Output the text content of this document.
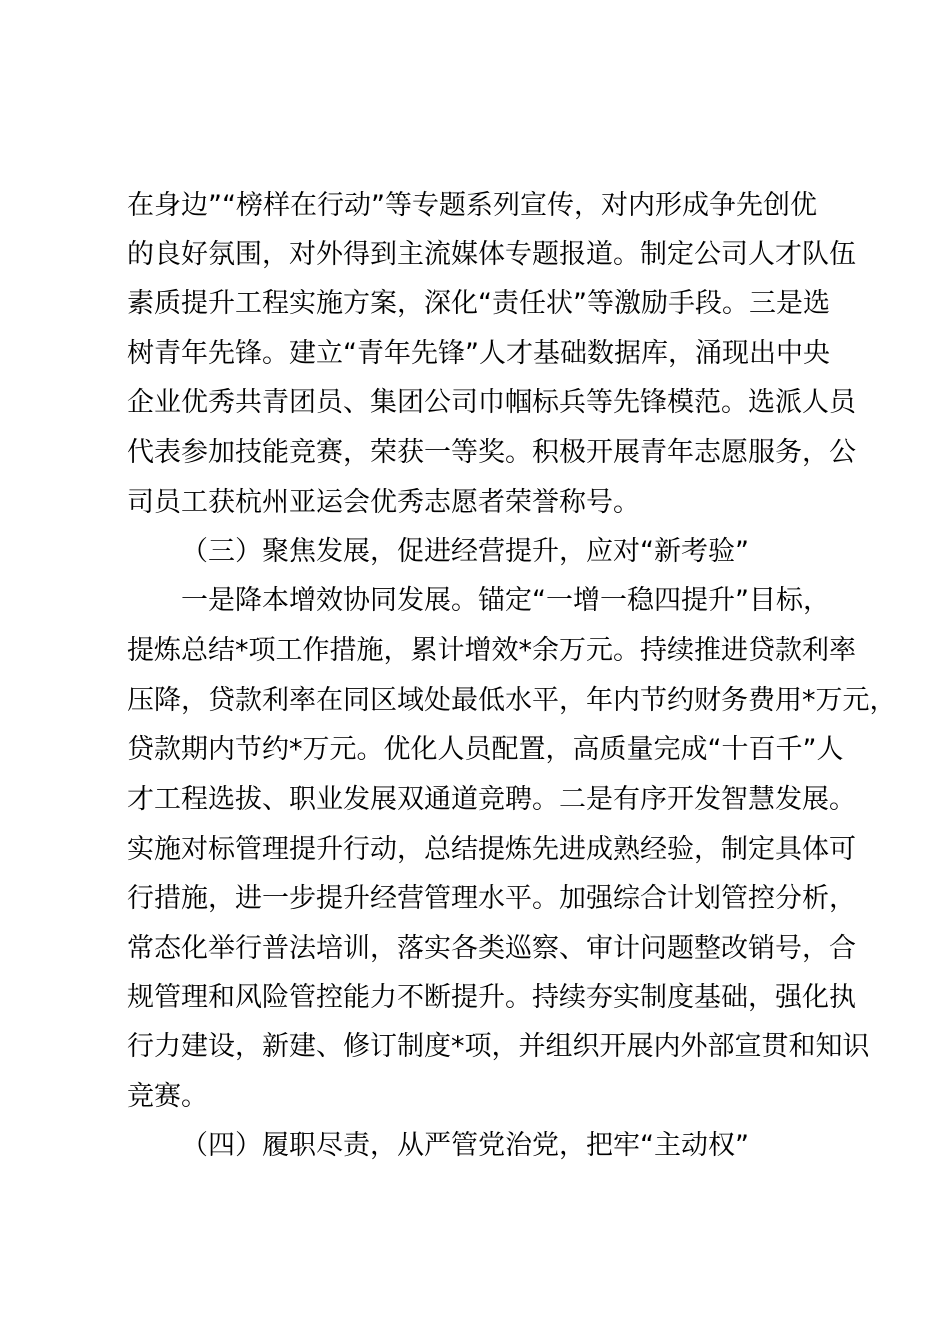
在身边”“榜样在行动”等专题系列宣传，对内形成争先创优
的良好氛围，对外得到主流媒体专题报道。制定公司人才队伍
素质提升工程实施方案，深化“责任状”等激励手段。三是选
树青年先锋。建立“青年先锋”人才基础数据库，涌现出中央
企业优秀共青团员、集团公司巾帼标兵等先锋模范。选派人员
代表参加技能竞赛，荣获一等奖。积极开展青年志愿服务，公
司员工获杭州亚运会优秀志愿者荣誉称号。
（三）聚焦发展，促进经营提升，应对“新考验”
一是降本增效协同发展。锚定“一增一稳四提升”目标，
提炼总结*项工作措施，累计增效*余万元。持续推进贷款利率
压降，贷款利率在同区域处最低水平，年内节约财务费用*万元，
贷款期内节约*万元。优化人员配置，高质量完成“十百千”人
才工程选拔、职业发展双通道竞聘。二是有序开发智慧发展。
实施对标管理提升行动，总结提炼先进成熟经验，制定具体可
行措施，进一步提升经营管理水平。加强综合计划管控分析，
常态化举行普法培训，落实各类巡察、审计问题整改销号，合
规管理和风险管控能力不断提升。持续夯实制度基础，强化执
行力建设，新建、修订制度*项，并组织开展内外部宣贯和知识
竞赛。
（四）履职尽责，从严管党治党，把牢“主动权”
